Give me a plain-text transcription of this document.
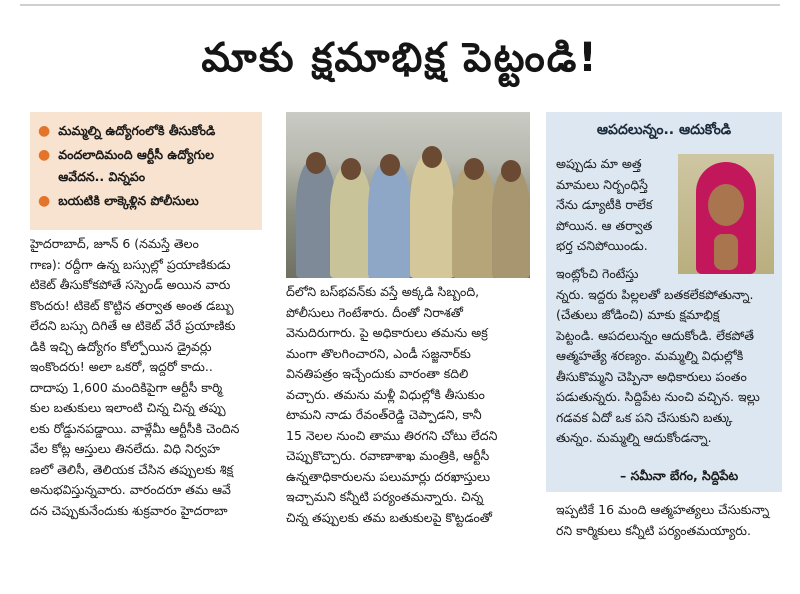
మాకు క్షమాభిక్ష పెట్టండి!
● మమ్మల్ని ఉద్యోగంలోకి తీసుకోండి
● వందలాదిమంది ఆర్టీసీ ఉద్యోగుల ఆవేదన.. విన్నపం
● బయటికి లాక్కెళ్లిన పోలీసులు
హైదరాబాద్, జూన్ 6 (నమస్తే తెలం
గాణ): రద్దీగా ఉన్న బస్సుల్లో ప్రయాణికుడు
టికెట్ తీసుకోకపోతే సస్పెండ్ అయిన వారు
కొందరు! టికెట్ కొట్టిన తర్వాత అంత డబ్బు
లేదని బస్సు దిగితే ఆ టికెట్ వేరే ప్రయాణికు
డికి ఇచ్చి ఉద్యోగం కోల్పోయిన డ్రైవర్లు
ఇంకొందరు! అలా ఒకరో, ఇద్దరో కాదు..
దాదాపు 1,600 మందికిపైగా ఆర్టీసీ కార్మి
కుల బతుకులు ఇలాంటి చిన్న చిన్న తప్పు
లకు రోడ్డునపడ్డాయి. వాళ్లేమీ ఆర్టీసీకి చెందిన
వేల కోట్ల ఆస్తులు తినలేదు. విధి నిర్వహ
ణలో తెలిసీ, తెలియక చేసిన తప్పులకు శిక్ష
అనుభవిస్తున్నవారు. వారందరూ తమ ఆవే
దన చెప్పుకునేందుకు శుక్రవారం హైదరాబా
ద్‌లోని బస్‌భవన్‌కు వస్తే అక్కడి సిబ్బంది,
పోలీసులు గెంటేశారు. దీంతో నిరాశతో
వెనుదిరుగారు. పై అధికారులు తమను అక్ర
మంగా తొలగించారని, ఎండీ సజ్జనార్‌కు
వినతిపత్రం ఇచ్చేందుకు వారంతా కదిలి
వచ్చారు. తమను మళ్లీ విధుల్లోకి తీసుకుం
టామని నాడు రేవంత్‌రెడ్డి చెప్పాడని, కానీ
15 నెలల నుంచి తాము తిరగని చోటు లేదని
చెప్పుకొచ్చారు. రవాణాశాఖ మంత్రికి, ఆర్టీసీ
ఉన్నతాధికారులను పలుమార్లు దరఖాస్తులు
ఇచ్చామని కన్నీటి పర్యంతమన్నారు. చిన్న
చిన్న తప్పులకు తమ బతుకులపై కొట్టడంతో
ఆపదలున్నం.. ఆదుకోండి
అప్పుడు మా అత్త
మామలు నిర్బంధిస్తే
నేను డ్యూటీకి రాలేక
పోయిన. ఆ తర్వాత
భర్త చనిపోయిండు.
ఇంట్లోంచి గెంటేస్తు
న్నరు. ఇద్దరు పిల్లలతో బతకలేకపోతున్నా.
(చేతులు జోడించి) మాకు క్షమాభిక్ష
పెట్టండి. ఆపదలున్నం ఆదుకోండి. లేకపోతే
ఆత్మహత్యే శరణ్యం. మమ్మల్ని విధుల్లోకి
తీసుకొమ్మని చెప్పినా అధికారులు పంతం
పడుతున్నరు. సిద్దిపేట నుంచి వచ్చిన. ఇల్లు
గడవక ఏదో ఒక పని చేసుకుని బత్కు
తున్నం. మమ్మల్ని ఆదుకోండన్నా.
– సమీనా బేగం, సిద్దిపేట
ఇప్పటికే 16 మంది ఆత్మహత్యలు చేసుకున్నా
రని కార్మికులు కన్నీటి పర్యంతమయ్యారు.
